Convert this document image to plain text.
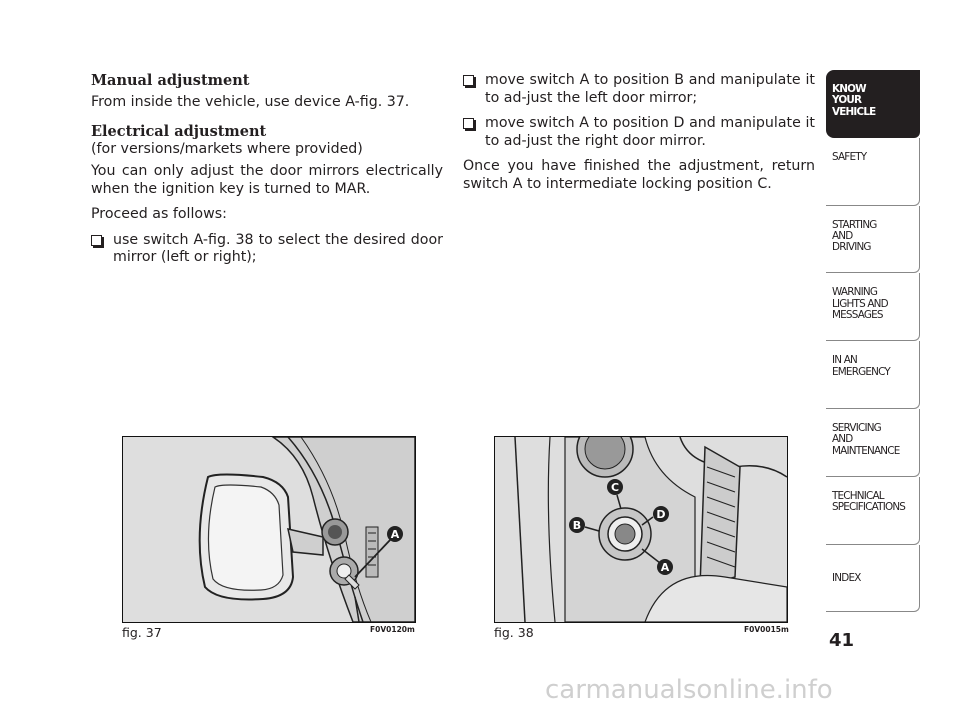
Manual adjustment

From inside the vehicle, use device A-fig. 37.

Electrical adjustment

(for versions/markets where provided)

You can only adjust the door mirrors electrically when the ignition key is turned to MAR.

Proceed as follows:

use switch A-fig. 38 to select the desired door mirror (left or right);
move switch A to position B and manipulate it to ad-just the left door mirror;
move switch A to position D and manipulate it to ad-just the right door mirror.

Once you have finished the adjustment, return switch A to intermediate locking position C.

A
fig. 37	F0V0120m
B
C
D
A
fig. 38	F0V0015m
KNOW
YOUR
VEHICLE
SAFETY
STARTING
AND
DRIVING
WARNING
LIGHTS AND
MESSAGES
IN AN
EMERGENCY
SERVICING
AND
MAINTENANCE
TECHNICAL
SPECIFICATIONS
INDEX
41
carmanualsonline.info
